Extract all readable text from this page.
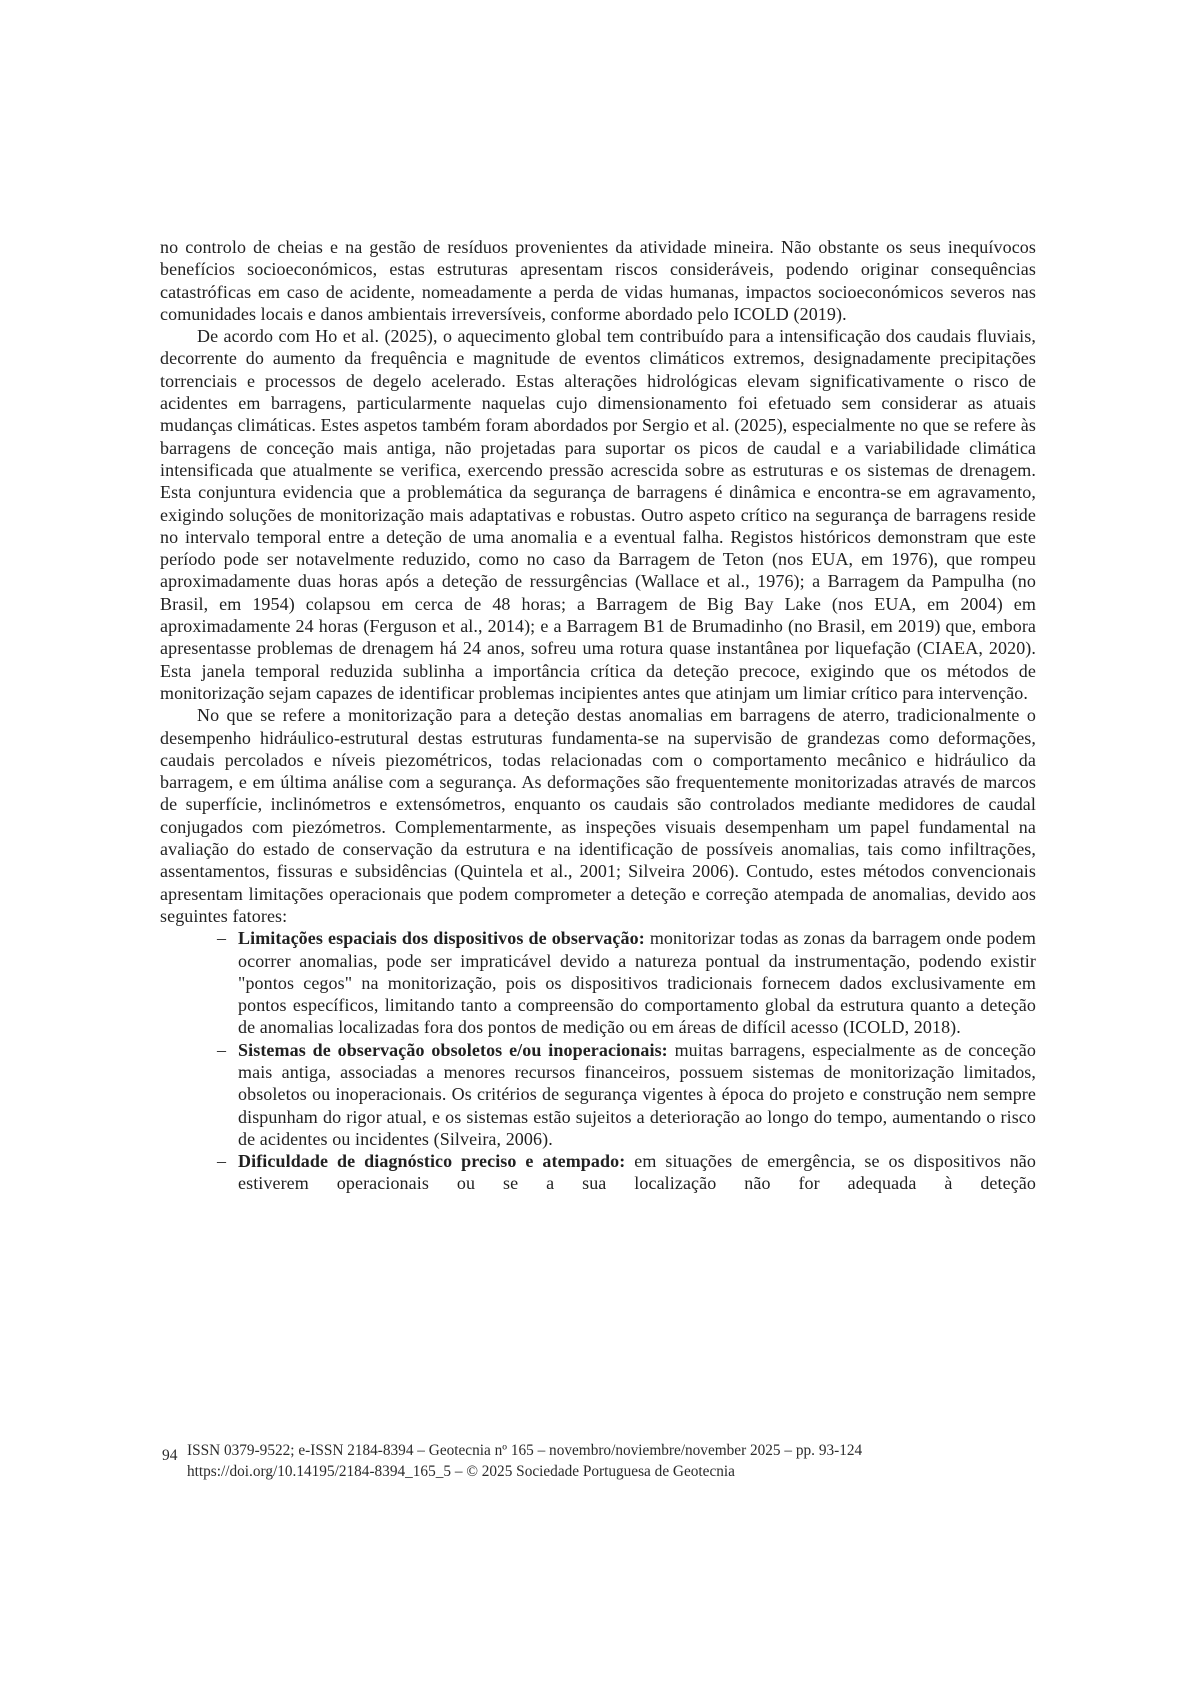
no controlo de cheias e na gestão de resíduos provenientes da atividade mineira. Não obstante os seus inequívocos benefícios socioeconómicos, estas estruturas apresentam riscos consideráveis, podendo originar consequências catastróficas em caso de acidente, nomeadamente a perda de vidas humanas, impactos socioeconómicos severos nas comunidades locais e danos ambientais irreversíveis, conforme abordado pelo ICOLD (2019).

De acordo com Ho et al. (2025), o aquecimento global tem contribuído para a intensificação dos caudais fluviais, decorrente do aumento da frequência e magnitude de eventos climáticos extremos, designadamente precipitações torrenciais e processos de degelo acelerado. Estas alterações hidrológicas elevam significativamente o risco de acidentes em barragens, particularmente naquelas cujo dimensionamento foi efetuado sem considerar as atuais mudanças climáticas. Estes aspetos também foram abordados por Sergio et al. (2025), especialmente no que se refere às barragens de conceção mais antiga, não projetadas para suportar os picos de caudal e a variabilidade climática intensificada que atualmente se verifica, exercendo pressão acrescida sobre as estruturas e os sistemas de drenagem. Esta conjuntura evidencia que a problemática da segurança de barragens é dinâmica e encontra-se em agravamento, exigindo soluções de monitorização mais adaptativas e robustas. Outro aspeto crítico na segurança de barragens reside no intervalo temporal entre a deteção de uma anomalia e a eventual falha. Registos históricos demonstram que este período pode ser notavelmente reduzido, como no caso da Barragem de Teton (nos EUA, em 1976), que rompeu aproximadamente duas horas após a deteção de ressurgências (Wallace et al., 1976); a Barragem da Pampulha (no Brasil, em 1954) colapsou em cerca de 48 horas; a Barragem de Big Bay Lake (nos EUA, em 2004) em aproximadamente 24 horas (Ferguson et al., 2014); e a Barragem B1 de Brumadinho (no Brasil, em 2019) que, embora apresentasse problemas de drenagem há 24 anos, sofreu uma rotura quase instantânea por liquefação (CIAEA, 2020). Esta janela temporal reduzida sublinha a importância crítica da deteção precoce, exigindo que os métodos de monitorização sejam capazes de identificar problemas incipientes antes que atinjam um limiar crítico para intervenção.

No que se refere a monitorização para a deteção destas anomalias em barragens de aterro, tradicionalmente o desempenho hidráulico-estrutural destas estruturas fundamenta-se na supervisão de grandezas como deformações, caudais percolados e níveis piezométricos, todas relacionadas com o comportamento mecânico e hidráulico da barragem, e em última análise com a segurança. As deformações são frequentemente monitorizadas através de marcos de superfície, inclinómetros e extensómetros, enquanto os caudais são controlados mediante medidores de caudal conjugados com piezómetros. Complementarmente, as inspeções visuais desempenham um papel fundamental na avaliação do estado de conservação da estrutura e na identificação de possíveis anomalias, tais como infiltrações, assentamentos, fissuras e subsidências (Quintela et al., 2001; Silveira 2006). Contudo, estes métodos convencionais apresentam limitações operacionais que podem comprometer a deteção e correção atempada de anomalias, devido aos seguintes fatores:

– Limitações espaciais dos dispositivos de observação: monitorizar todas as zonas da barragem onde podem ocorrer anomalias, pode ser impraticável devido a natureza pontual da instrumentação, podendo existir "pontos cegos" na monitorização, pois os dispositivos tradicionais fornecem dados exclusivamente em pontos específicos, limitando tanto a compreensão do comportamento global da estrutura quanto a deteção de anomalias localizadas fora dos pontos de medição ou em áreas de difícil acesso (ICOLD, 2018).
– Sistemas de observação obsoletos e/ou inoperacionais: muitas barragens, especialmente as de conceção mais antiga, associadas a menores recursos financeiros, possuem sistemas de monitorização limitados, obsoletos ou inoperacionais. Os critérios de segurança vigentes à época do projeto e construção nem sempre dispunham do rigor atual, e os sistemas estão sujeitos a deterioração ao longo do tempo, aumentando o risco de acidentes ou incidentes (Silveira, 2006).
– Dificuldade de diagnóstico preciso e atempado: em situações de emergência, se os dispositivos não estiverem operacionais ou se a sua localização não for adequada à deteção
94 ISSN 0379-9522; e-ISSN 2184-8394 – Geotecnia nº 165 – novembro/noviembre/november 2025 – pp. 93-124
https://doi.org/10.14195/2184-8394_165_5 – © 2025 Sociedade Portuguesa de Geotecnia
